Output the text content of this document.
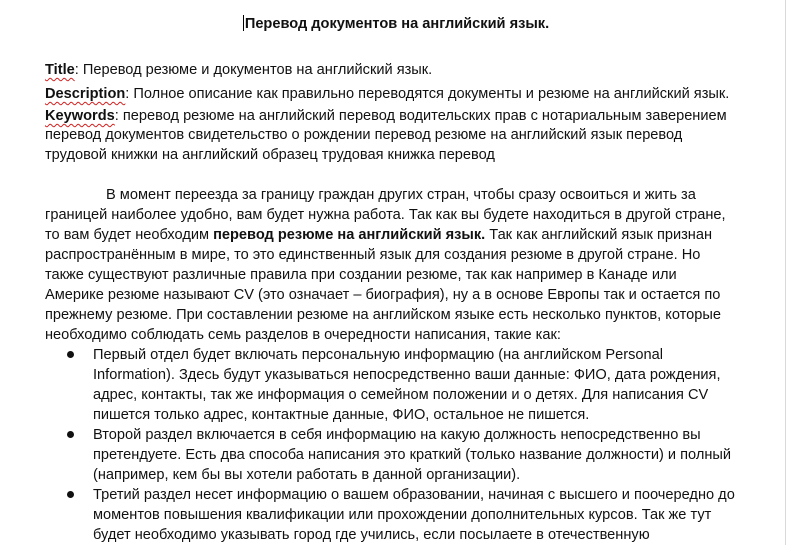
Перевод документов на английский язык.
Title: Перевод резюме и документов на английский язык.
Description: Полное описание как правильно переводятся документы и резюме на английский язык.
Keywords: перевод резюме на английский перевод водительских прав с нотариальным заверением
перевод документов свидетельство о рождении перевод резюме на английский язык перевод
трудовой книжки на английский образец трудовая книжка перевод
В момент переезда за границу граждан других стран, чтобы сразу освоиться и жить за
границей наиболее удобно, вам будет нужна работа. Так как вы будете находиться в другой стране,
то вам будет необходим перевод резюме на английский язык. Так как английский язык признан
распространённым в мире, то это единственный язык для создания резюме в другой стране. Но
также существуют различные правила при создании резюме, так как например в Канаде или
Америке резюме называют CV (это означает – биография), ну а в основе Европы так и остается по
прежнему резюме. При составлении резюме на английском языке есть несколько пунктов, которые
необходимо соблюдать семь разделов в очередности написания, такие как:
Первый отдел будет включать персональную информацию (на английском Personal
Information). Здесь будут указываться непосредственно ваши данные: ФИО, дата рождения,
адрес, контакты, так же информация о семейном положении и о детях. Для написания CV
пишется только адрес, контактные данные, ФИО, остальное не пишется.
Второй раздел включается в себя информацию на какую должность непосредственно вы
претендуете. Есть два способа написания это краткий (только название должности) и полный
(например, кем бы вы хотели работать в данной организации).
Третий раздел несет информацию о вашем образовании, начиная с высшего и поочередно до
моментов повышения квалификации или прохождении дополнительных курсов. Так же тут
будет необходимо указывать город где учились, если посылаете в отечественную
